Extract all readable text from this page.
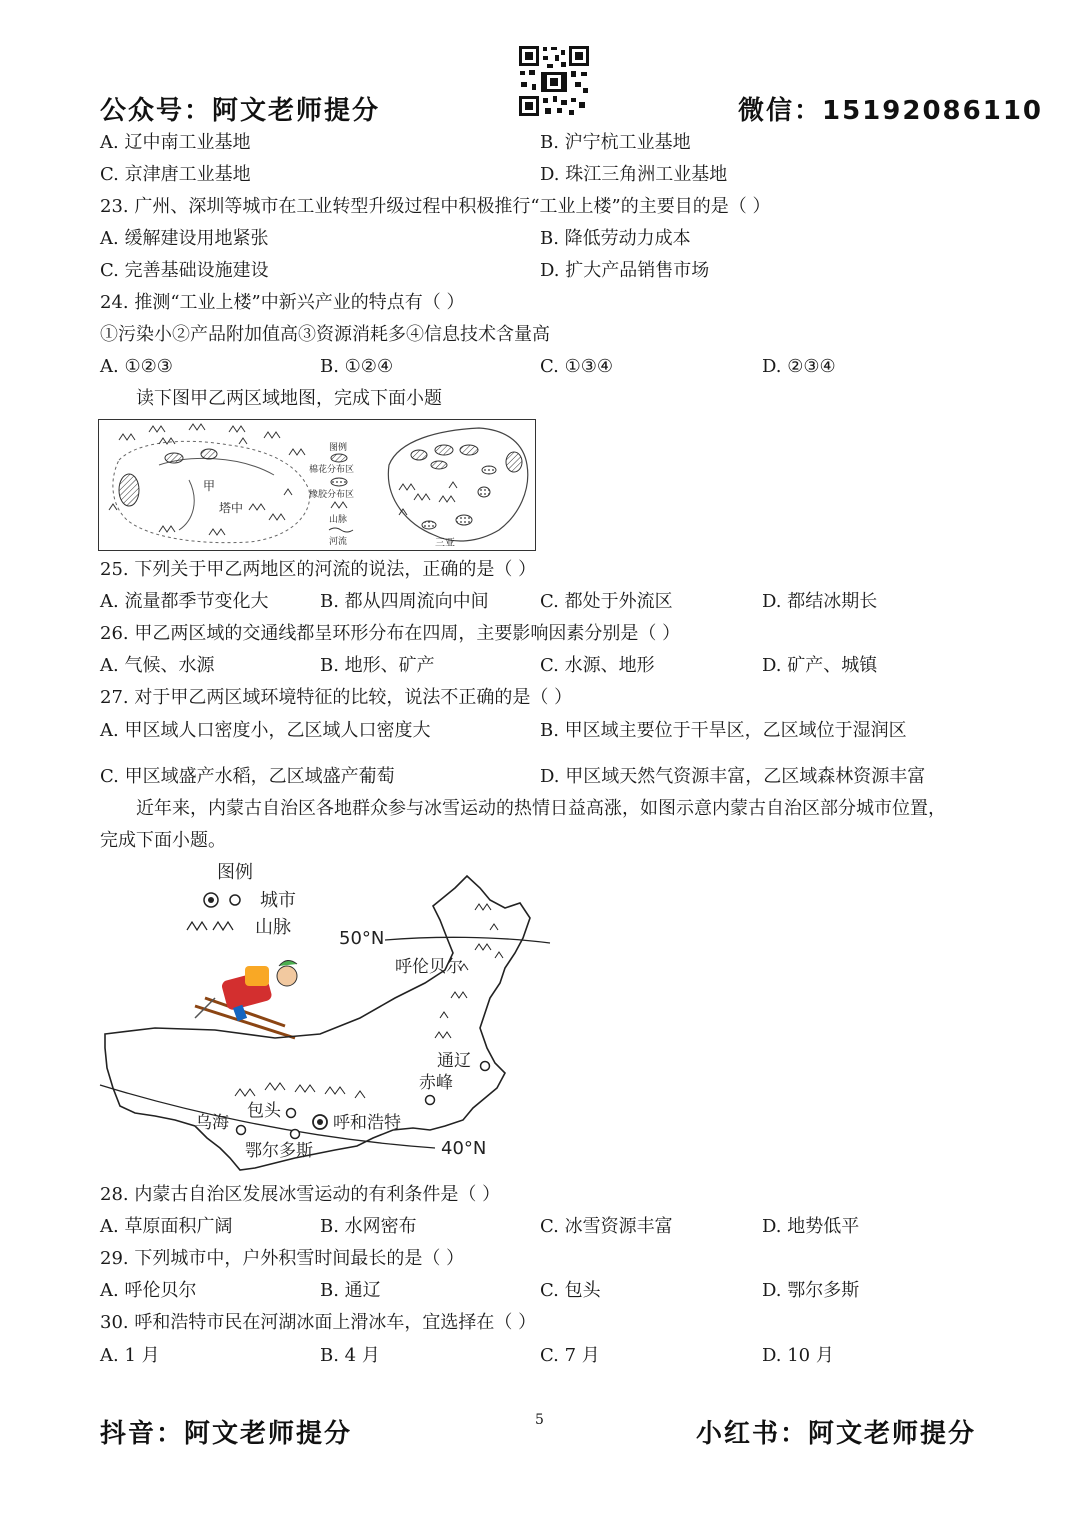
公众号：阿文老师提分	微信：15192086110
A. 辽中南工业基地	B. 沪宁杭工业基地
C. 京津唐工业基地	D. 珠江三角洲工业基地
23. 广州、深圳等城市在工业转型升级过程中积极推行“工业上楼”的主要目的是（ ）
A. 缓解建设用地紧张	B. 降低劳动力成本
C. 完善基础设施建设	D. 扩大产品销售市场
24. 推测“工业上楼”中新兴产业的特点有（ ）
①污染小②产品附加值高③资源消耗多④信息技术含量高
A. ①②③	B. ①②④	C. ①③④	D. ②③④
读下图甲乙两区域地图，完成下面小题
甲
塔中
图例
棉花分布区
橡胶分布区
山脉
河流	三亚
25. 下列关于甲乙两地区的河流的说法，正确的是（ ）
A. 流量都季节变化大	B. 都从四周流向中间	C. 都处于外流区	D. 都结冰期长
26. 甲乙两区域的交通线都呈环形分布在四周，主要影响因素分别是（ ）
A. 气候、水源	B. 地形、矿产	C. 水源、地形	D. 矿产、城镇
27. 对于甲乙两区域环境特征的比较，说法不正确的是（ ）
A. 甲区域人口密度小，乙区域人口密度大	B. 甲区域主要位于干旱区，乙区域位于湿润区
C. 甲区域盛产水稻，乙区域盛产葡萄	D. 甲区域天然气资源丰富，乙区域森林资源丰富
近年来，内蒙古自治区各地群众参与冰雪运动的热情日益高涨，如图示意内蒙古自治区部分城市位置，
完成下面小题。
图例
城市
山脉
50°N
40°N
呼伦贝尔
通辽
赤峰
包头
乌海	呼和浩特
鄂尔多斯
28. 内蒙古自治区发展冰雪运动的有利条件是（ ）
A. 草原面积广阔	B. 水网密布	C. 冰雪资源丰富	D. 地势低平
29. 下列城市中，户外积雪时间最长的是（ ）
A. 呼伦贝尔	B. 通辽	C. 包头	D. 鄂尔多斯
30. 呼和浩特市民在河湖冰面上滑冰车，宜选择在（ ）
A. 1 月	B. 4 月	C. 7 月	D. 10 月
抖音：阿文老师提分	5	小红书：阿文老师提分
